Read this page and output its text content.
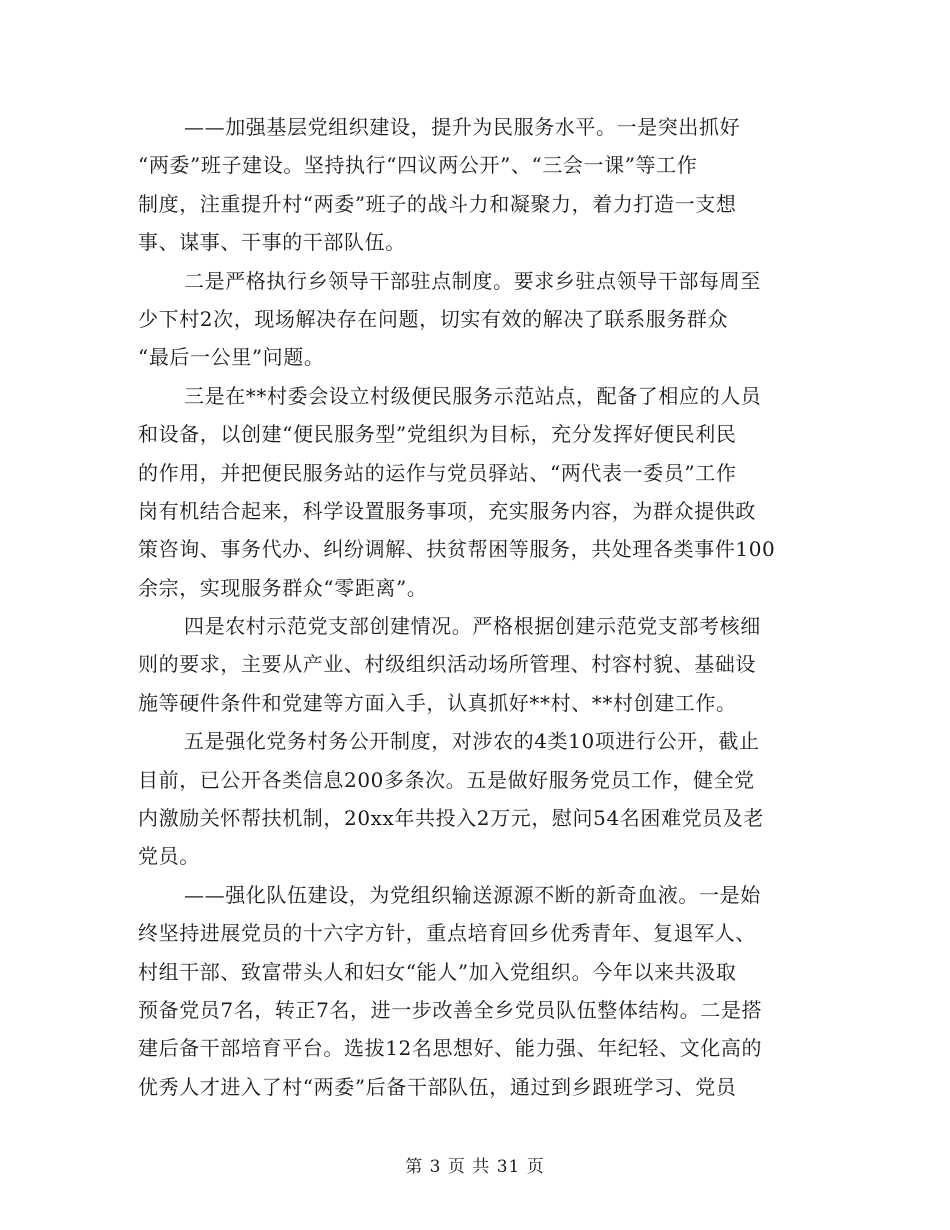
——加强基层党组织建设，提升为民服务水平。一是突出抓好
“两委”班子建设。坚持执行“四议两公开”、“三会一课”等工作
制度，注重提升村“两委”班子的战斗力和凝聚力，着力打造一支想
事、谋事、干事的干部队伍。
二是严格执行乡领导干部驻点制度。要求乡驻点领导干部每周至
少下村2次，现场解决存在问题，切实有效的解决了联系服务群众
“最后一公里”问题。
三是在**村委会设立村级便民服务示范站点，配备了相应的人员
和设备，以创建“便民服务型”党组织为目标，充分发挥好便民利民
的作用，并把便民服务站的运作与党员驿站、“两代表一委员”工作
岗有机结合起来，科学设置服务事项，充实服务内容，为群众提供政
策咨询、事务代办、纠纷调解、扶贫帮困等服务，共处理各类事件100
余宗，实现服务群众“零距离”。
四是农村示范党支部创建情况。严格根据创建示范党支部考核细
则的要求，主要从产业、村级组织活动场所管理、村容村貌、基础设
施等硬件条件和党建等方面入手，认真抓好**村、**村创建工作。
五是强化党务村务公开制度，对涉农的4类10项进行公开，截止
目前，已公开各类信息200多条次。五是做好服务党员工作，健全党
内激励关怀帮扶机制，20xx年共投入2万元，慰问54名困难党员及老
党员。
——强化队伍建设，为党组织输送源源不断的新奇血液。一是始
终坚持进展党员的十六字方针，重点培育回乡优秀青年、复退军人、
村组干部、致富带头人和妇女“能人”加入党组织。今年以来共汲取
预备党员7名，转正7名，进一步改善全乡党员队伍整体结构。二是搭
建后备干部培育平台。选拔12名思想好、能力强、年纪轻、文化高的
优秀人才进入了村“两委”后备干部队伍，通过到乡跟班学习、党员
第 3 页 共 31 页
